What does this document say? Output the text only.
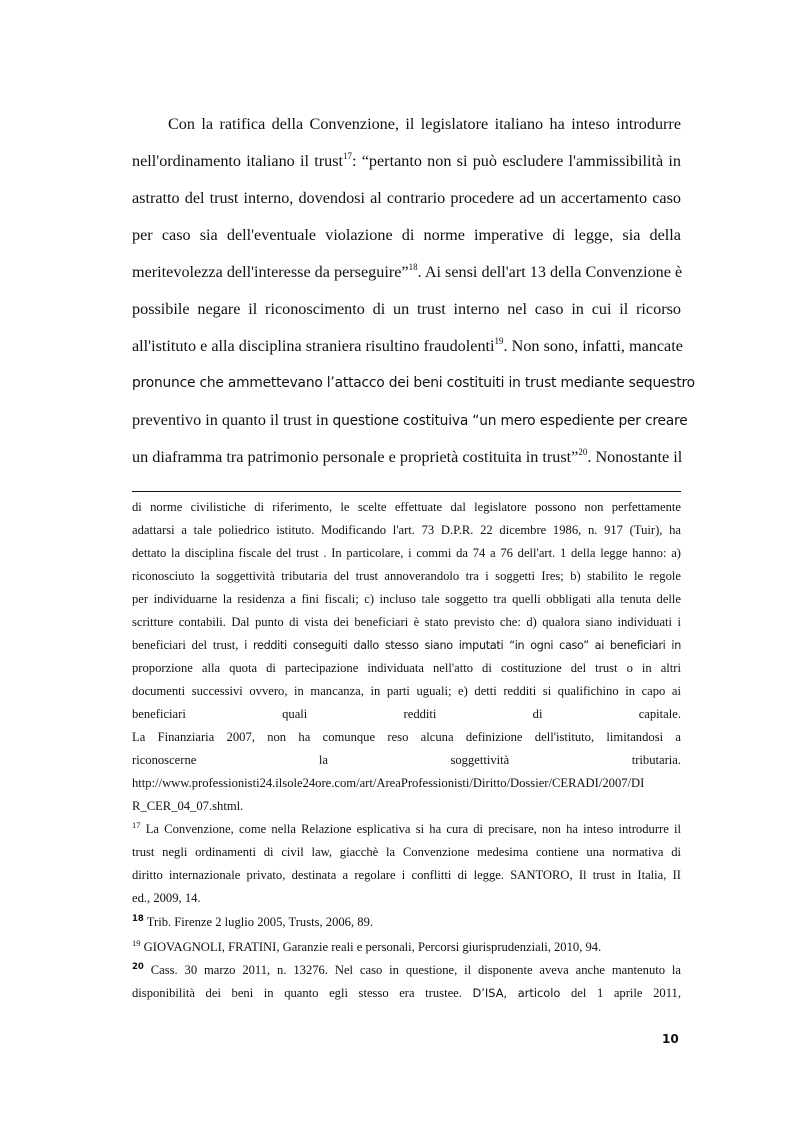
Con la ratifica della Convenzione, il legislatore italiano ha inteso introdurre
nell'ordinamento italiano il trust$^{17}$: “pertanto non si può escludere l'ammissibilità in
astratto del trust interno, dovendosi al contrario procedere ad un accertamento caso
per caso sia dell'eventuale violazione di norme imperative di legge, sia della
meritevolezza dell'interesse da perseguire”$^{18}$. Ai sensi dell'art 13 della Convenzione è
possibile negare il riconoscimento di un trust interno nel caso in cui il ricorso
all'istituto e alla disciplina straniera risultino fraudolenti$^{19}$. Non sono, infatti, mancate
pronunce che ammettevano l’attacco dei beni costituiti in trust mediante sequestro
preventivo in quanto il trust in questione costituiva “un mero espediente per creare
un diaframma tra patrimonio personale e proprietà costituita in trust”$^{20}$. Nonostante il
di norme civilistiche di riferimento, le scelte effettuate dal legislatore possono non perfettamente
adattarsi a tale poliedrico istituto. Modificando l'art. 73 D.P.R. 22 dicembre 1986, n. 917 (Tuir), ha
dettato la disciplina fiscale del trust . In particolare, i commi da 74 a 76 dell'art. 1 della legge hanno: a)
riconosciuto la soggettività tributaria del trust annoverandolo tra i soggetti Ires; b) stabilito le regole
per individuarne la residenza a fini fiscali; c) incluso tale soggetto tra quelli obbligati alla tenuta delle
scritture contabili. Dal punto di vista dei beneficiari è stato previsto che: d) qualora siano individuati i
beneficiari del trust, i redditi conseguiti dallo stesso siano imputati “in ogni caso” ai beneficiari in
proporzione alla quota di partecipazione individuata nell'atto di costituzione del trust o in altri
documenti successivi ovvero, in mancanza, in parti uguali; e) detti redditi si qualifichino in capo ai
beneficiari	quali	redditi	di	capitale.
La Finanziaria 2007, non ha comunque reso alcuna definizione dell'istituto, limitandosi a
riconoscerne	la	soggettività	tributaria.
http://www.professionisti24.ilsole24ore.com/art/AreaProfessionisti/Diritto/Dossier/CERADI/2007/DI
R_CER_04_07.shtml.
$^{17}$ La Convenzione, come nella Relazione esplicativa si ha cura di precisare, non ha inteso introdurre il
trust negli ordinamenti di civil law, giacchè la Convenzione medesima contiene una normativa di
diritto internazionale privato, destinata a regolare i conflitti di legge. SANTORO, Il trust in Italia, II
ed., 2009, 14.
$^{18}$ Trib. Firenze 2 luglio 2005, Trusts, 2006, 89.
$^{19}$ GIOVAGNOLI, FRATINI, Garanzie reali e personali, Percorsi giurisprudenziali, 2010, 94.
$^{20}$ Cass. 30 marzo 2011, n. 13276. Nel caso in questione, il disponente aveva anche mantenuto la
disponibilità dei beni in quanto egli stesso era trustee. D’ISA, articolo del 1 aprile 2011,
10
